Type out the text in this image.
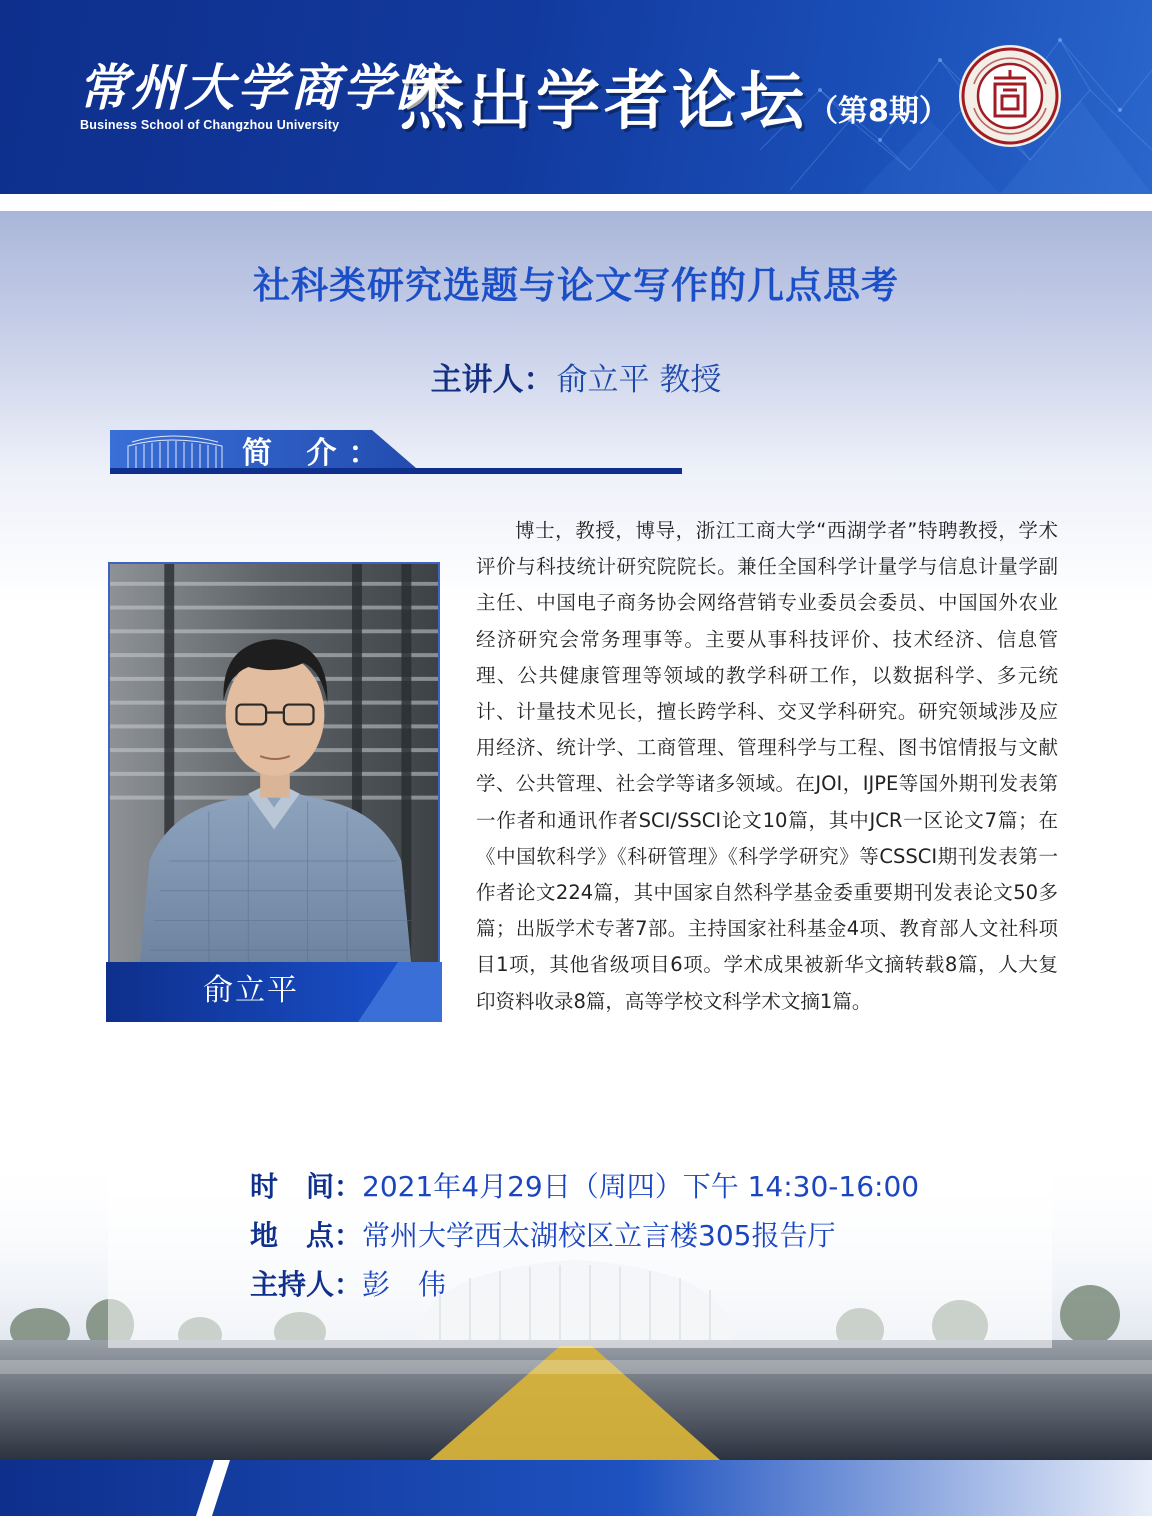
常州大学商学院
Business School of Changzhou University 杰出学者论坛 （第8期）
社科类研究选题与论文写作的几点思考
主讲人：俞立平 教授
简 介：
俞立平

博士，教授，博导，浙江工商大学“西湖学者”特聘教授，学术评价与科技统计研究院院长。兼任全国科学计量学与信息计量学副主任、中国电子商务协会网络营销专业委员会委员、中国国外农业经济研究会常务理事等。主要从事科技评价、技术经济、信息管理、公共健康管理等领域的教学科研工作，以数据科学、多元统计、计量技术见长，擅长跨学科、交叉学科研究。研究领域涉及应用经济、统计学、工商管理、管理科学与工程、图书馆情报与文献学、公共管理、社会学等诸多领域。在JOI，IJPE等国外期刊发表第一作者和通讯作者SCI/SSCI论文10篇，其中JCR一区论文7篇；在《中国软科学》《科研管理》《科学学研究》等CSSCI期刊发表第一作者论文224篇，其中国家自然科学基金委重要期刊发表论文50多篇；出版学术专著7部。主持国家社科基金4项、教育部人文社科项目1项，其他省级项目6项。学术成果被新华文摘转载8篇，人大复印资料收录8篇，高等学校文科学术文摘1篇。

时　间：2021年4月29日（周四）下午 14:30-16:00
地　点：常州大学西太湖校区立言楼305报告厅
主持人：彭　伟
